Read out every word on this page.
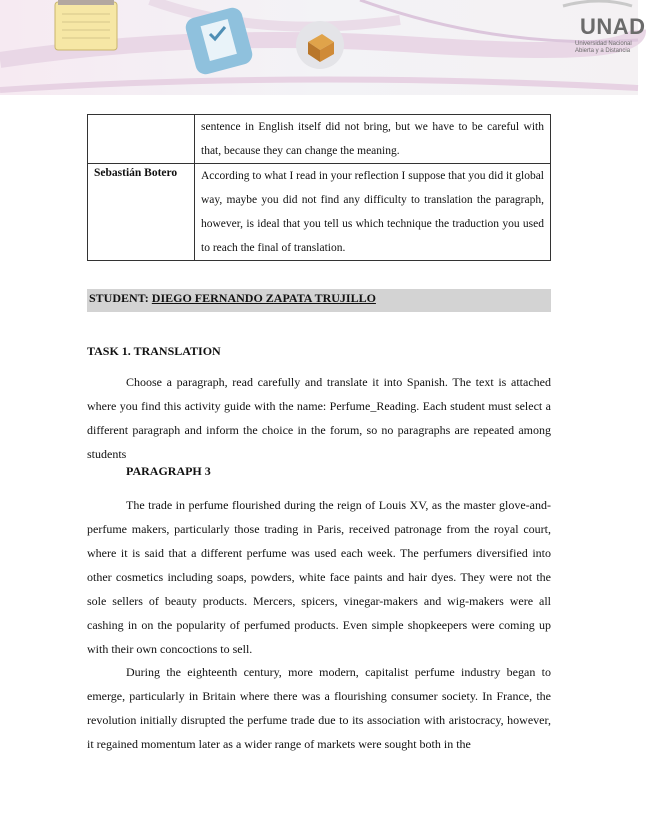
UNAD
Universidad Nacional Abierta y a Distancia

	sentence in English itself did not bring, but we have to be careful with that, because they can change the meaning.

Sebastián Botero	According to what I read in your reflection I suppose that you did it global way, maybe you did not find any difficulty to translation the paragraph, however, is ideal that you tell us which technique the traduction you used to reach the final of translation.

STUDENT: DIEGO FERNANDO ZAPATA TRUJILLO
TASK 1. TRANSLATION

Choose a paragraph, read carefully and translate it into Spanish. The text is attached where you find this activity guide with the name: Perfume_Reading. Each student must select a different paragraph and inform the choice in the forum, so no paragraphs are repeated among students

PARAGRAPH 3

The trade in perfume flourished during the reign of Louis XV, as the master glove-and-perfume makers, particularly those trading in Paris, received patronage from the royal court, where it is said that a different perfume was used each week. The perfumers diversified into other cosmetics including soaps, powders, white face paints and hair dyes. They were not the sole sellers of beauty products. Mercers, spicers, vinegar-makers and wig-makers were all cashing in on the popularity of perfumed products. Even simple shopkeepers were coming up with their own concoctions to sell.

During the eighteenth century, more modern, capitalist perfume industry began to emerge, particularly in Britain where there was a flourishing consumer society. In France, the revolution initially disrupted the perfume trade due to its association with aristocracy, however, it regained momentum later as a wider range of markets were sought both in the
